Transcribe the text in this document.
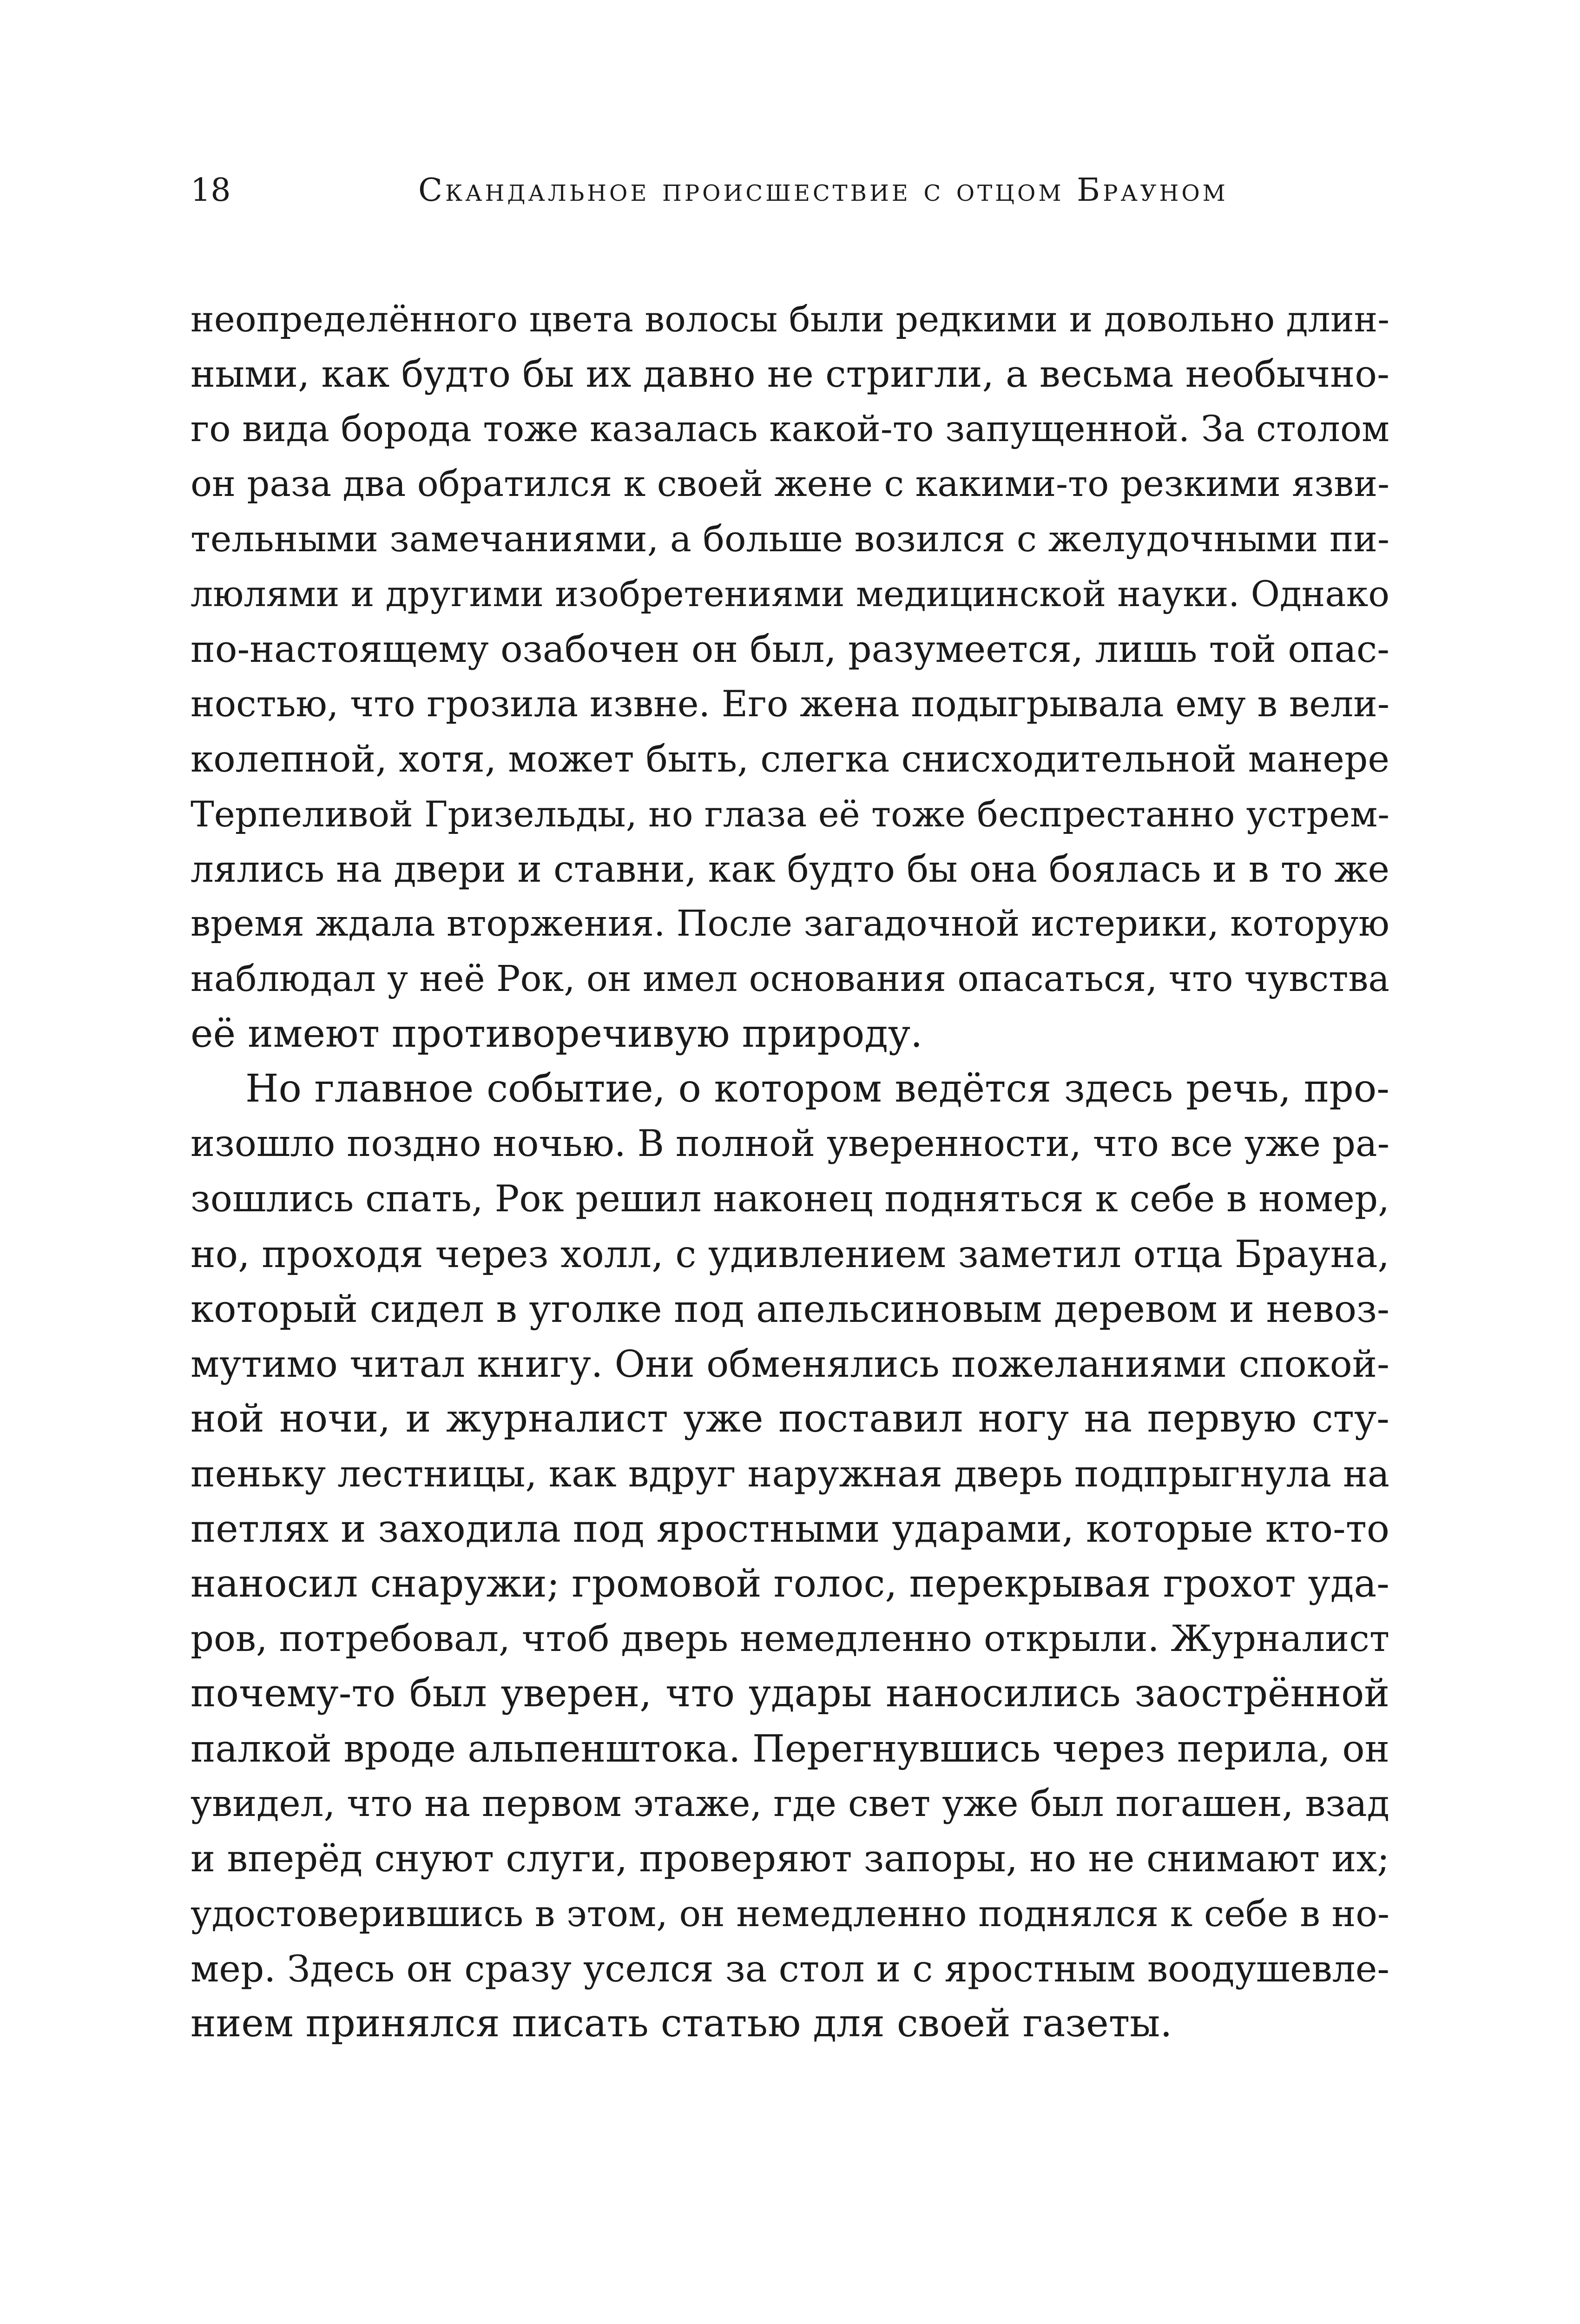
18	Скандальное происшествие с отцом Брауном
неопределённого цвета волосы были редкими и довольно длин-
ными, как будто бы их давно не стригли, а весьма необычно-
го вида борода тоже казалась какой-то запущенной. За столом
он раза два обратился к своей жене с какими-то резкими язви-
тельными замечаниями, а больше возился с желудочными пи-
люлями и другими изобретениями медицинской науки. Однако
по-настоящему озабочен он был, разумеется, лишь той опас-
ностью, что грозила извне. Его жена подыгрывала ему в вели-
колепной, хотя, может быть, слегка снисходительной манере
Терпеливой Гризельды, но глаза её тоже беспрестанно устрем-
лялись на двери и ставни, как будто бы она боялась и в то же
время ждала вторжения. После загадочной истерики, которую
наблюдал у неё Рок, он имел основания опасаться, что чувства
её имеют противоречивую природу.
Но главное событие, о котором ведётся здесь речь, про-
изошло поздно ночью. В полной уверенности, что все уже ра-
зошлись спать, Рок решил наконец подняться к себе в номер,
но, проходя через холл, с удивлением заметил отца Брауна,
который сидел в уголке под апельсиновым деревом и невоз-
мутимо читал книгу. Они обменялись пожеланиями спокой-
ной ночи, и журналист уже поставил ногу на первую сту-
пеньку лестницы, как вдруг наружная дверь подпрыгнула на
петлях и заходила под яростными ударами, которые кто-то
наносил снаружи; громовой голос, перекрывая грохот уда-
ров, потребовал, чтоб дверь немедленно открыли. Журналист
почему-то был уверен, что удары наносились заострённой
палкой вроде альпенштока. Перегнувшись через перила, он
увидел, что на первом этаже, где свет уже был погашен, взад
и вперёд снуют слуги, проверяют запоры, но не снимают их;
удостоверившись в этом, он немедленно поднялся к себе в но-
мер. Здесь он сразу уселся за стол и с яростным воодушевле-
нием принялся писать статью для своей газеты.
